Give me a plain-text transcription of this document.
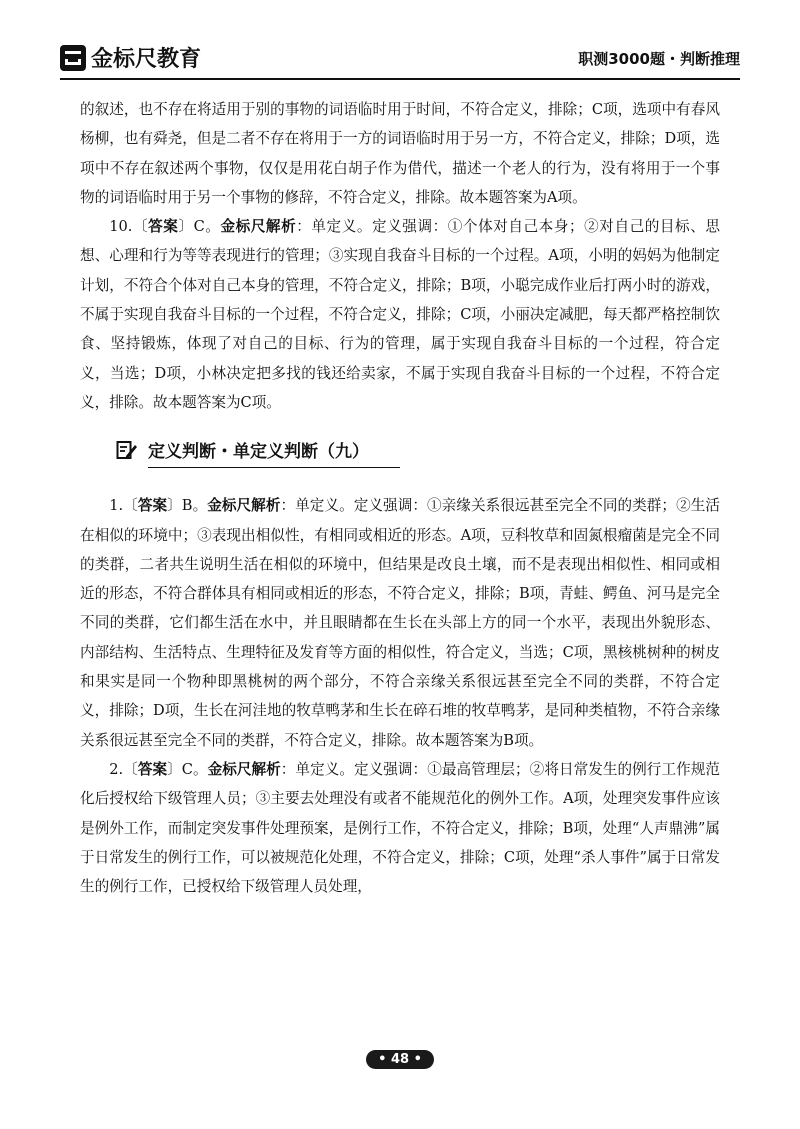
金标尺教育	职测3000题・判断推理

的叙述，也不存在将适用于别的事物的词语临时用于时间，不符合定义，排除；C项，选项中有春风杨柳，也有舜尧，但是二者不存在将用于一方的词语临时用于另一方，不符合定义，排除；D项，选项中不存在叙述两个事物，仅仅是用花白胡子作为借代，描述一个老人的行为，没有将用于一个事物的词语临时用于另一个事物的修辞，不符合定义，排除。故本题答案为A项。

10.〔答案〕C。金标尺解析：单定义。定义强调：①个体对自己本身；②对自己的目标、思想、心理和行为等等表现进行的管理；③实现自我奋斗目标的一个过程。A项，小明的妈妈为他制定计划，不符合个体对自己本身的管理，不符合定义，排除；B项，小聪完成作业后打两小时的游戏，不属于实现自我奋斗目标的一个过程，不符合定义，排除；C项，小丽决定减肥，每天都严格控制饮食、坚持锻炼，体现了对自己的目标、行为的管理，属于实现自我奋斗目标的一个过程，符合定义，当选；D项，小林决定把多找的钱还给卖家，不属于实现自我奋斗目标的一个过程，不符合定义，排除。故本题答案为C项。

定义判断・单定义判断（九）

1.〔答案〕B。金标尺解析：单定义。定义强调：①亲缘关系很远甚至完全不同的类群；②生活在相似的环境中；③表现出相似性，有相同或相近的形态。A项，豆科牧草和固氮根瘤菌是完全不同的类群，二者共生说明生活在相似的环境中，但结果是改良土壤，而不是表现出相似性、相同或相近的形态，不符合群体具有相同或相近的形态，不符合定义，排除；B项，青蛙、鳄鱼、河马是完全不同的类群，它们都生活在水中，并且眼睛都在生长在头部上方的同一个水平，表现出外貌形态、内部结构、生活特点、生理特征及发育等方面的相似性，符合定义，当选；C项，黑核桃树种的树皮和果实是同一个物种即黑桃树的两个部分，不符合亲缘关系很远甚至完全不同的类群，不符合定义，排除；D项，生长在河洼地的牧草鸭茅和生长在碎石堆的牧草鸭茅，是同种类植物，不符合亲缘关系很远甚至完全不同的类群，不符合定义，排除。故本题答案为B项。

2.〔答案〕C。金标尺解析：单定义。定义强调：①最高管理层；②将日常发生的例行工作规范化后授权给下级管理人员；③主要去处理没有或者不能规范化的例外工作。A项，处理突发事件应该是例外工作，而制定突发事件处理预案，是例行工作，不符合定义，排除；B项，处理“人声鼎沸”属于日常发生的例行工作，可以被规范化处理，不符合定义，排除；C项，处理“杀人事件”属于日常发生的例行工作，已授权给下级管理人员处理，

• 48 •
